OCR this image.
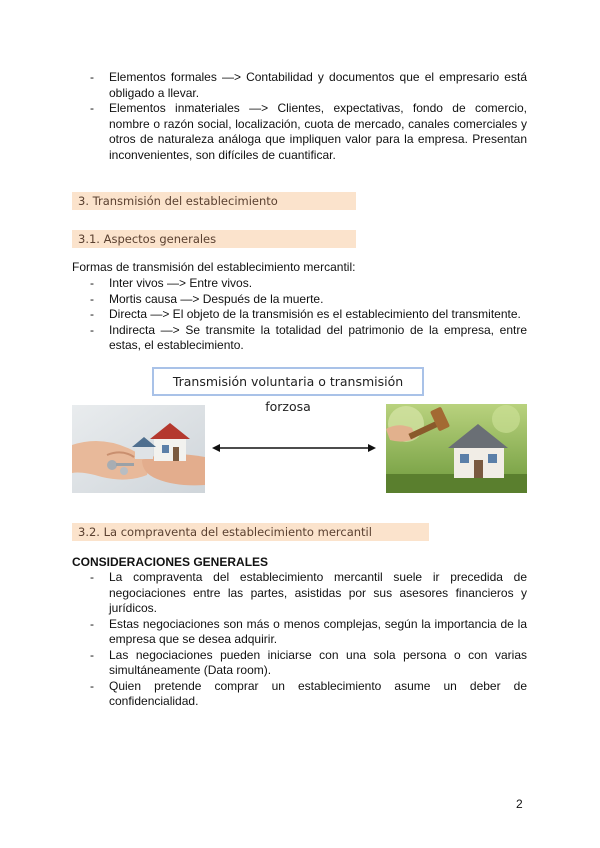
- Elementos formales —> Contabilidad y documentos que el empresario está obligado a llevar.
- Elementos inmateriales —> Clientes, expectativas, fondo de comercio, nombre o razón social, localización, cuota de mercado, canales comerciales y otros de naturaleza análoga que impliquen valor para la empresa. Presentan inconvenientes, son difíciles de cuantificar.
3. Transmisión del establecimiento
3.1. Aspectos generales
Formas de transmisión del establecimiento mercantil:
- Inter vivos —> Entre vivos.
- Mortis causa —> Después de la muerte.
- Directa —> El objeto de la transmisión es el establecimiento del transmitente.
- Indirecta —> Se transmite la totalidad del patrimonio de la empresa, entre estas, el establecimiento.
Transmisión voluntaria o transmisión forzosa
3.2. La compraventa del establecimiento mercantil
CONSIDERACIONES GENERALES
- La compraventa del establecimiento mercantil suele ir precedida de negociaciones entre las partes, asistidas por sus asesores financieros y jurídicos.
- Estas negociaciones son más o menos complejas, según la importancia de la empresa que se desea adquirir.
- Las negociaciones pueden iniciarse con una sola persona o con varias simultáneamente (Data room).
- Quien pretende comprar un establecimiento asume un deber de confidencialidad.
2
